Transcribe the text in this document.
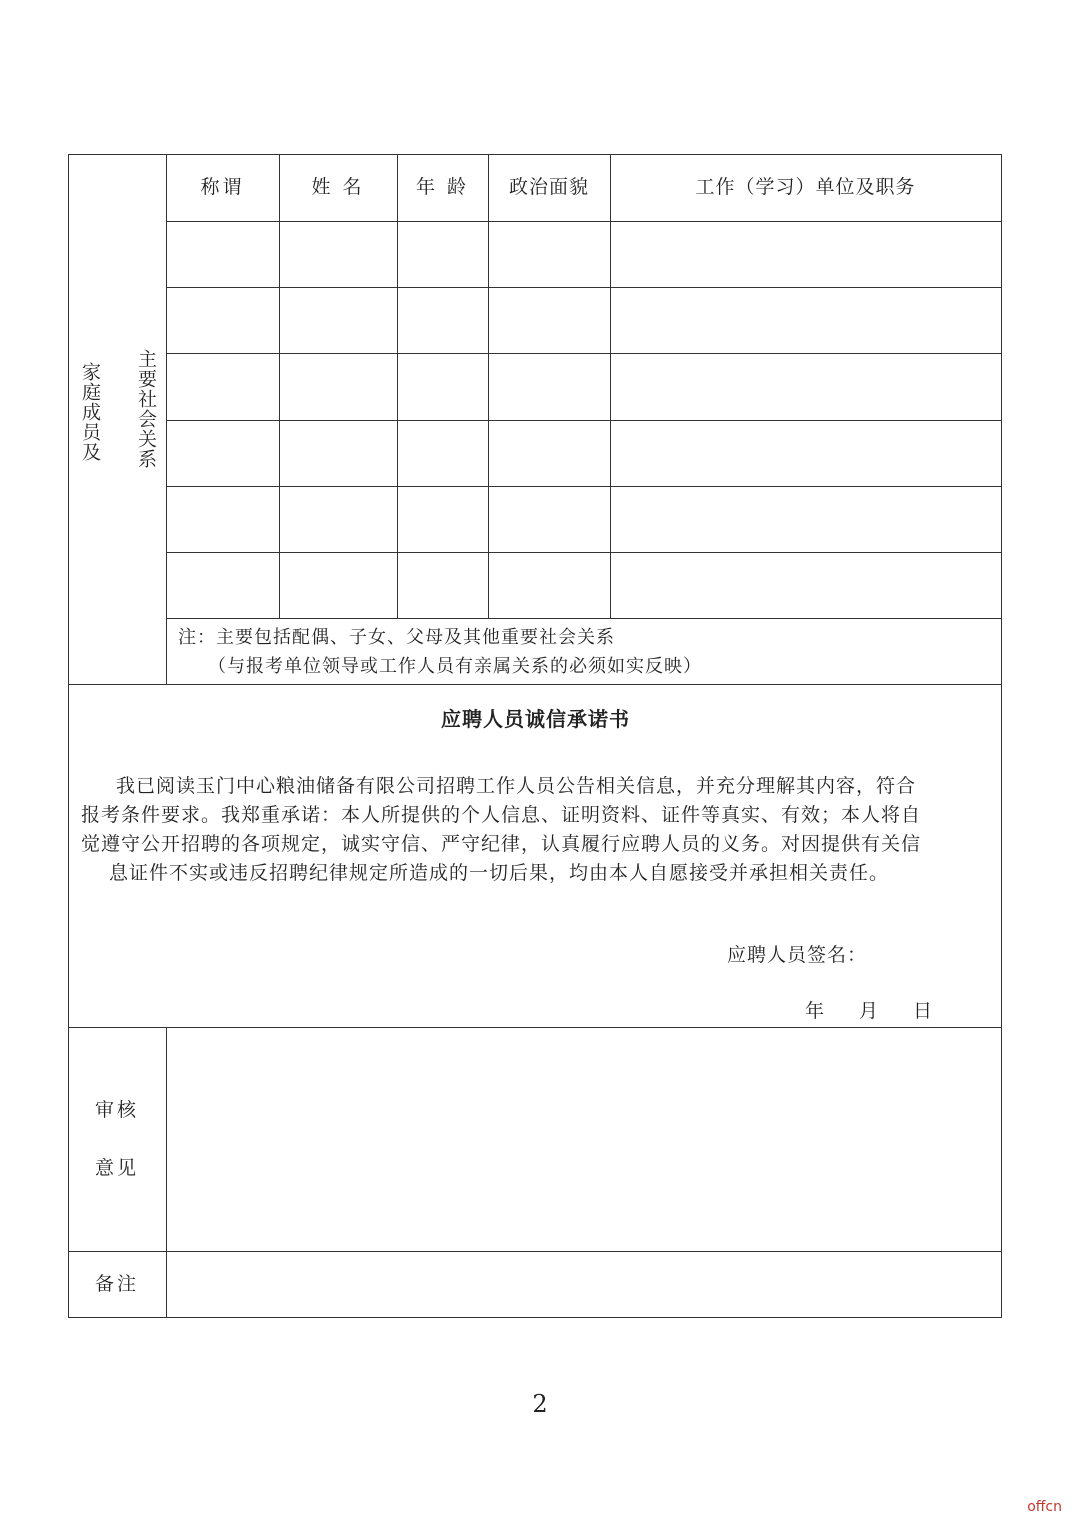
家庭成员及 主要社会关系
称谓	姓 名	年 龄	政治面貌	工作（学习）单位及职务
注：主要包括配偶、子女、父母及其他重要社会关系
（与报考单位领导或工作人员有亲属关系的必须如实反映）
应聘人员诚信承诺书
我已阅读玉门中心粮油储备有限公司招聘工作人员公告相关信息，并充分理解其内容，符合
报考条件要求。我郑重承诺：本人所提供的个人信息、证明资料、证件等真实、有效；本人将自
觉遵守公开招聘的各项规定，诚实守信、严守纪律，认真履行应聘人员的义务。对因提供有关信
息证件不实或违反招聘纪律规定所造成的一切后果，均由本人自愿接受并承担相关责任。
应聘人员签名：
年 月 日
审核
意见
备注
2
offcn
